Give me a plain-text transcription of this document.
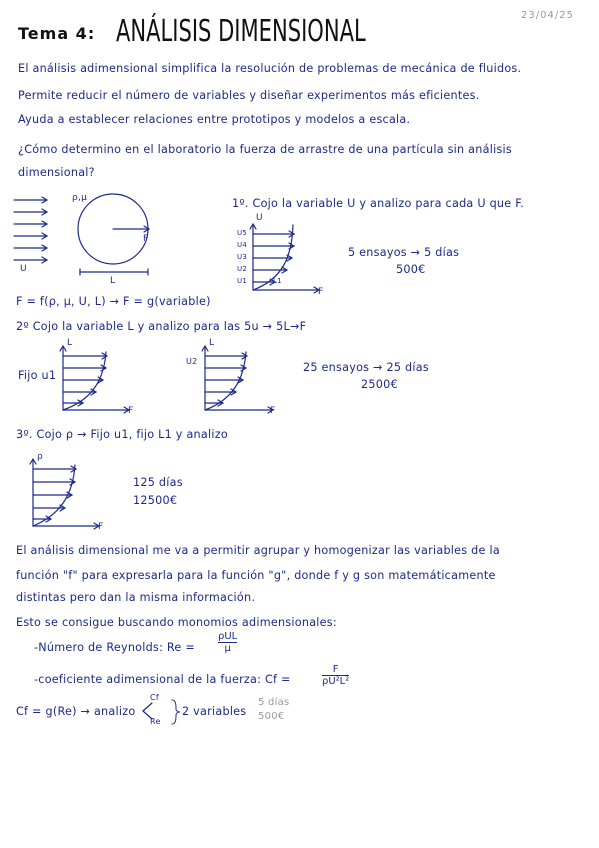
Tema 4: ANÁLISIS DIMENSIONAL	23/04/25
El análisis adimensional simplifica la resolución de problemas de mecánica de fluidos.
Permite reducir el número de variables y diseñar experimentos más eficientes.
Ayuda a establecer relaciones entre prototipos y modelos a escala.
¿Cómo determino en el laboratorio la fuerza de arrastre de una partícula sin análisis
dimensional?
ρ,μ
F
U
L
1º. Cojo la variable U y analizo para cada U que F.
U
F
U5
U4
U3
U2
U1	L1
5 ensayos → 5 días
500€
F = f(ρ, μ, U, L) → F = g(variable)
2º Cojo la variable L y analizo para las 5u → 5L→F
Fijo u1
L
F
L
U2
F
25 ensayos → 25 días
2500€
3º. Cojo ρ → Fijo u1, fijo L1 y analizo
ρ
F
125 días
12500€
El análisis dimensional me va a permitir agrupar y homogenizar las variables de la
función "f" para expresarla para la función "g", donde f y g son matemáticamente
distintas pero dan la misma información.
Esto se consigue buscando monomios adimensionales:
-Número de Reynolds: Re =
ρUL
μ
-coeficiente adimensional de la fuerza: Cf =	$\frac{F}{\text{ρU²L²}}$
Cf = g(Re) → analizo
Cf
Re
2 variables
5 días
500€
